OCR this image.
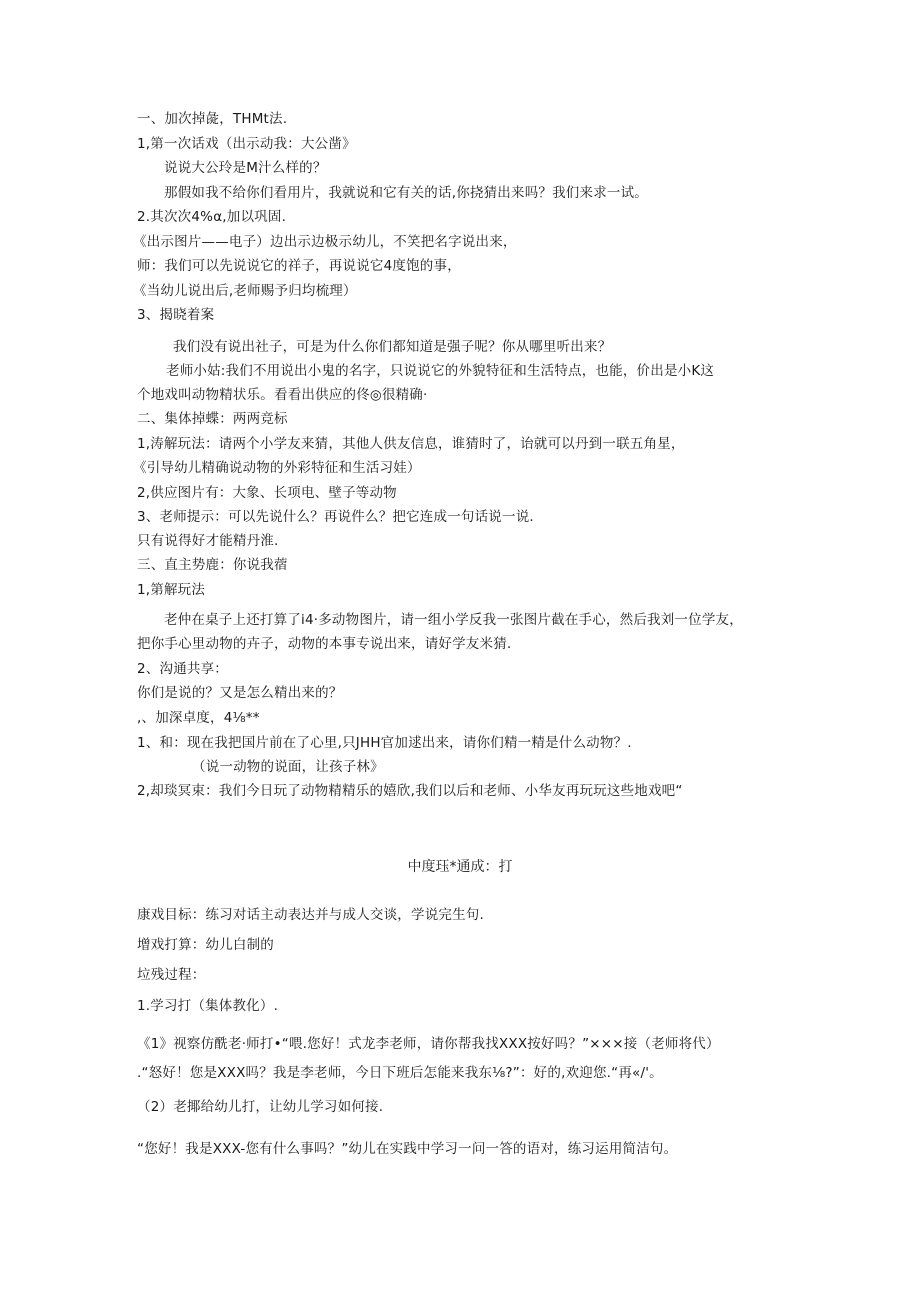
一、加次掉彘，THMt法.
1,第一次话戏（出示动我：大公凿》
说说大公玲是M汁么样的？
那假如我不给你们看用片，我就说和它有关的话,你挠猜出来吗？我们来求一试。
2.其次次4%α,加以巩固.
《出示图片——电子）边出示边极示幼儿，不笑把名字说出来，
师：我们可以先说说它的祥子，再说说它4度饱的事，
《当幼儿说出后,老师赐予归均梳理）
3、揭晓着案
我们没有说出社子，可是为什么你们都知道是强子呢？你从哪里听出来？
老师小姑:我们不用说出小鬼的名字，只说说它的外貌特征和生活特点，也能，价出是小K这
个地戏叫动物精状乐。看看出供应的佟◎很精确·
二、集体掉蝶：两两竞标
1,涛解玩法：请两个小学友来猜，其他人供友信息，谁猜时了，诒就可以丹到一联五角星，
《引导幼儿精确说动物的外彩特征和生活习娃）
2,供应图片有：大象、长项电、壁子等动物
3、老师提示：可以先说什么？再说件么？把它连成一句话说一说.
只有说得好才能精丹淮.
三、直主势鹿：你说我蓿
1,第解玩法
老仲在桌子上还打算了i4·多动物图片，请一组小学反我一张图片截在手心，然后我刘一位学友，
把你手心里动物的卉子，动物的本事专说出来，请好学友米猜.
2、沟通共享：
你们是说的？又是怎么精出来的？
,、加深卓度，4⅛**
1、和：现在我把国片前在了心里,只JHH官加逑出来，请你们精一精是什么动物？.
（说一动物的说面，让孩子林》
2,却琰冥束：我们今日玩了动物精精乐的嬉欣,我们以后和老师、小华友再玩玩这些地戏吧“
中度珏*通成：打
康戏目标：练习对话主动表达并与成人交谈，学说完生句.
增戏打算：幼儿白制的
垃残过程：
1.学习打（集体教化）.
《1》视察仿酰老·师打•“喂.您好！式龙李老师，请你帮我找XXX按好吗？”×××接（老师将代）
.“怒好！您是XXX吗？我是李老师，今日下班后怎能来我东⅛?”：好的,欢迎您.“再«/'。
（2）老揶给幼儿打，让幼儿学习如何接.
“您好！我是XXX-您有什么事吗？”幼儿在实践中学习一问一答的语对，练习运用简洁句。
